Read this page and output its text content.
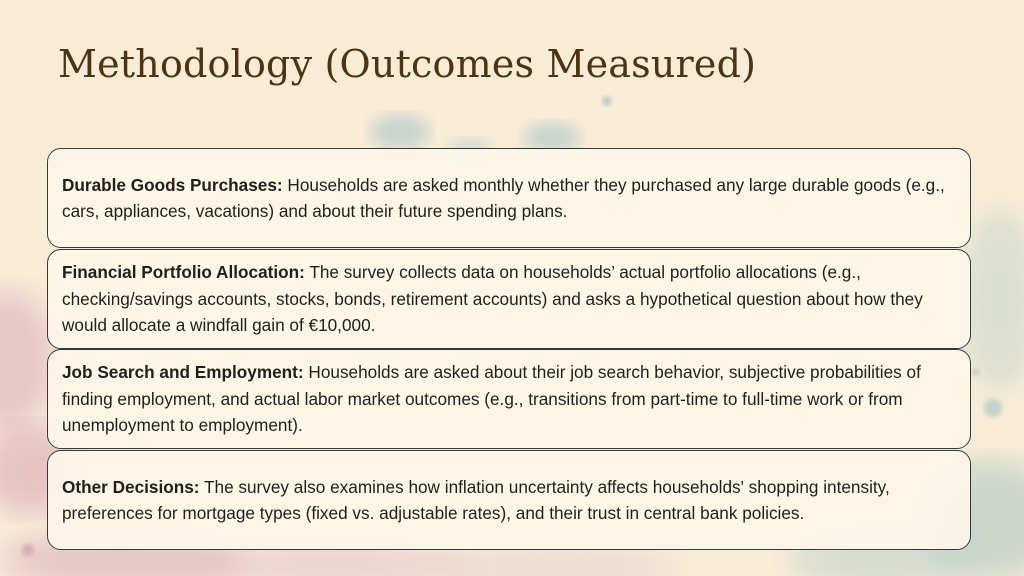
Methodology (Outcomes Measured)

Durable Goods Purchases: Households are asked monthly whether they purchased any large durable goods (e.g., cars, appliances, vacations) and about their future spending plans.

Financial Portfolio Allocation: The survey collects data on households’ actual portfolio allocations (e.g., checking/savings accounts, stocks, bonds, retirement accounts) and asks a hypothetical question about how they would allocate a windfall gain of €10,000.

Job Search and Employment: Households are asked about their job search behavior, subjective probabilities of finding employment, and actual labor market outcomes (e.g., transitions from part-time to full-time work or from unemployment to employment).

Other Decisions: The survey also examines how inflation uncertainty affects households' shopping intensity, preferences for mortgage types (fixed vs. adjustable rates), and their trust in central bank policies.
